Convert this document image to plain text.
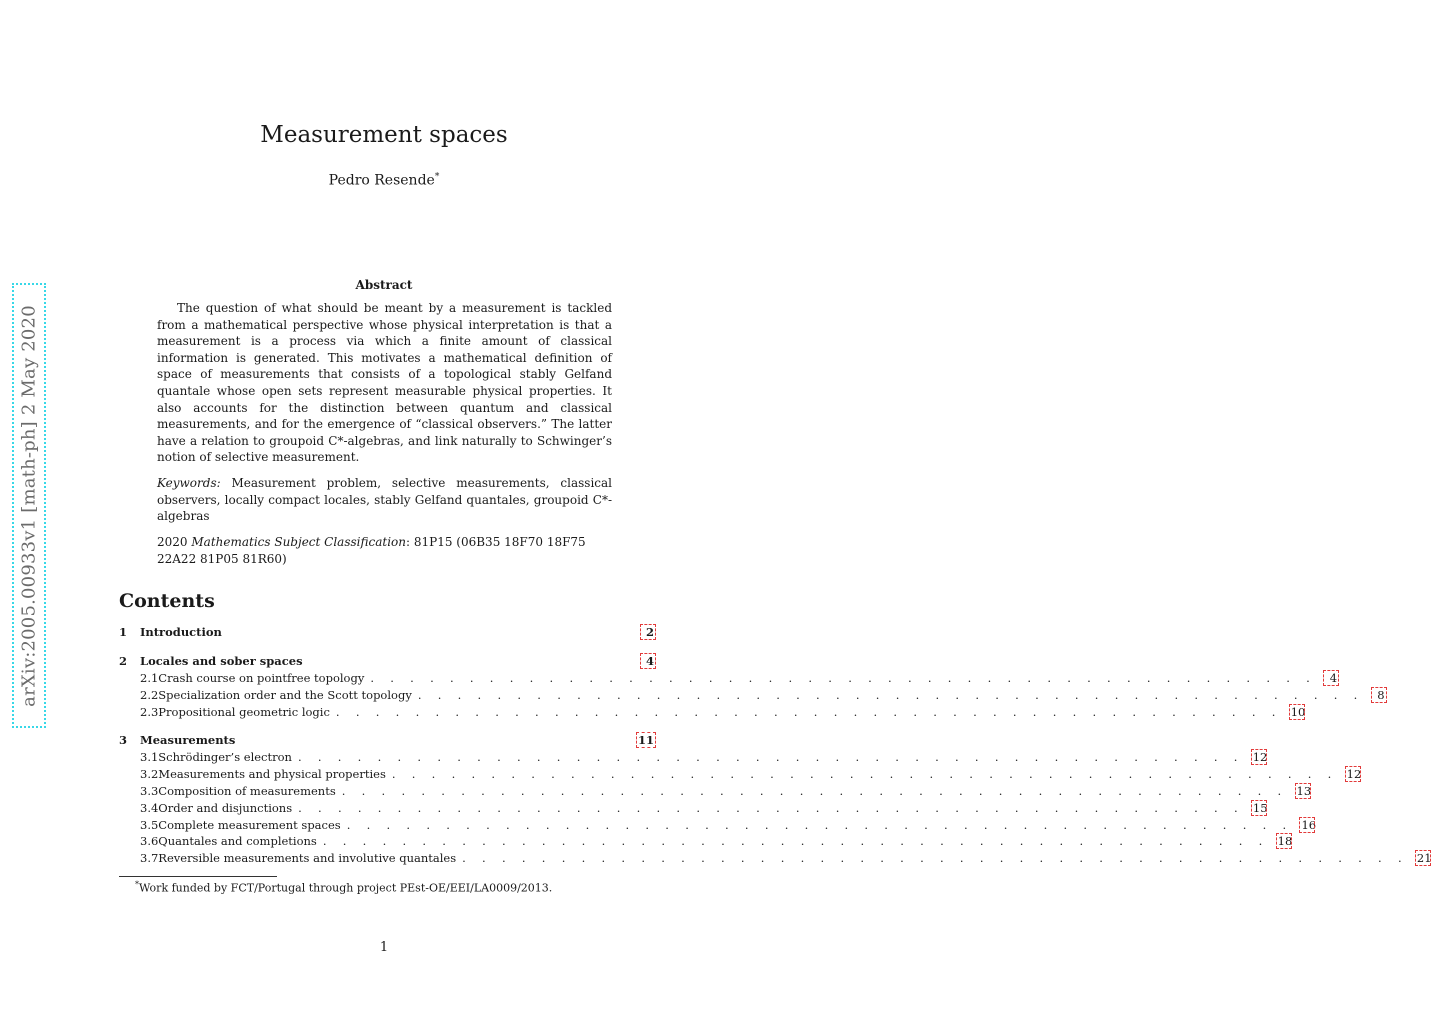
arXiv:2005.00933v1 [math-ph] 2 May 2020
Measurement spaces
Pedro Resende*
Abstract
The question of what should be meant by a measurement is tackled from a mathematical perspective whose physical interpretation is that a measurement is a process via which a finite amount of classical information is generated. This motivates a mathematical definition of space of measurements that consists of a topological stably Gelfand quantale whose open sets represent measurable physical properties. It also accounts for the distinction between quantum and classical measurements, and for the emergence of “classical observers.” The latter have a relation to groupoid C*-algebras, and link naturally to Schwinger’s notion of selective measurement.
Keywords: Measurement problem, selective measurements, classical observers, locally compact locales, stably Gelfand quantales, groupoid C*-algebras
2020 Mathematics Subject Classification: 81P15 (06B35 18F70 18F75 22A22 81P05 81R60)
Contents
1	Introduction	2
2	Locales and sober spaces	4
2.1 Crash course on pointfree topology . . . . . . . . . . . . . . . . . . . . . . . . . . . . . . . . . . . . . . . . . . . . . . . .	4
2.2 Specialization order and the Scott topology . . . . . . . . . . . . . . . . . . . . . . . . . . . . . . . . . . . . . . . . . . . . . . . .	8
2.3 Propositional geometric logic . . . . . . . . . . . . . . . . . . . . . . . . . . . . . . . . . . . . . . . . . . . . . . . . 10
3	Measurements	11
3.1 Schrödinger’s electron . . . . . . . . . . . . . . . . . . . . . . . . . . . . . . . . . . . . . . . . . . . . . . . . 12
3.2 Measurements and physical properties . . . . . . . . . . . . . . . . . . . . . . . . . . . . . . . . . . . . . . . . . . . . . . . . 12
3.3 Composition of measurements . . . . . . . . . . . . . . . . . . . . . . . . . . . . . . . . . . . . . . . . . . . . . . . . 13
3.4 Order and disjunctions . . . . . . . . . . . . . . . . . . . . . . . . . . . . . . . . . . . . . . . . . . . . . . . . 15
3.5 Complete measurement spaces . . . . . . . . . . . . . . . . . . . . . . . . . . . . . . . . . . . . . . . . . . . . . . . . 16
3.6 Quantales and completions . . . . . . . . . . . . . . . . . . . . . . . . . . . . . . . . . . . . . . . . . . . . . . . . 18
3.7 Reversible measurements and involutive quantales . . . . . . . . . . . . . . . . . . . . . . . . . . . . . . . . . . . . . . . . . . . . . . . . 21
*Work funded by FCT/Portugal through project PEst-OE/EEI/LA0009/2013.
1
